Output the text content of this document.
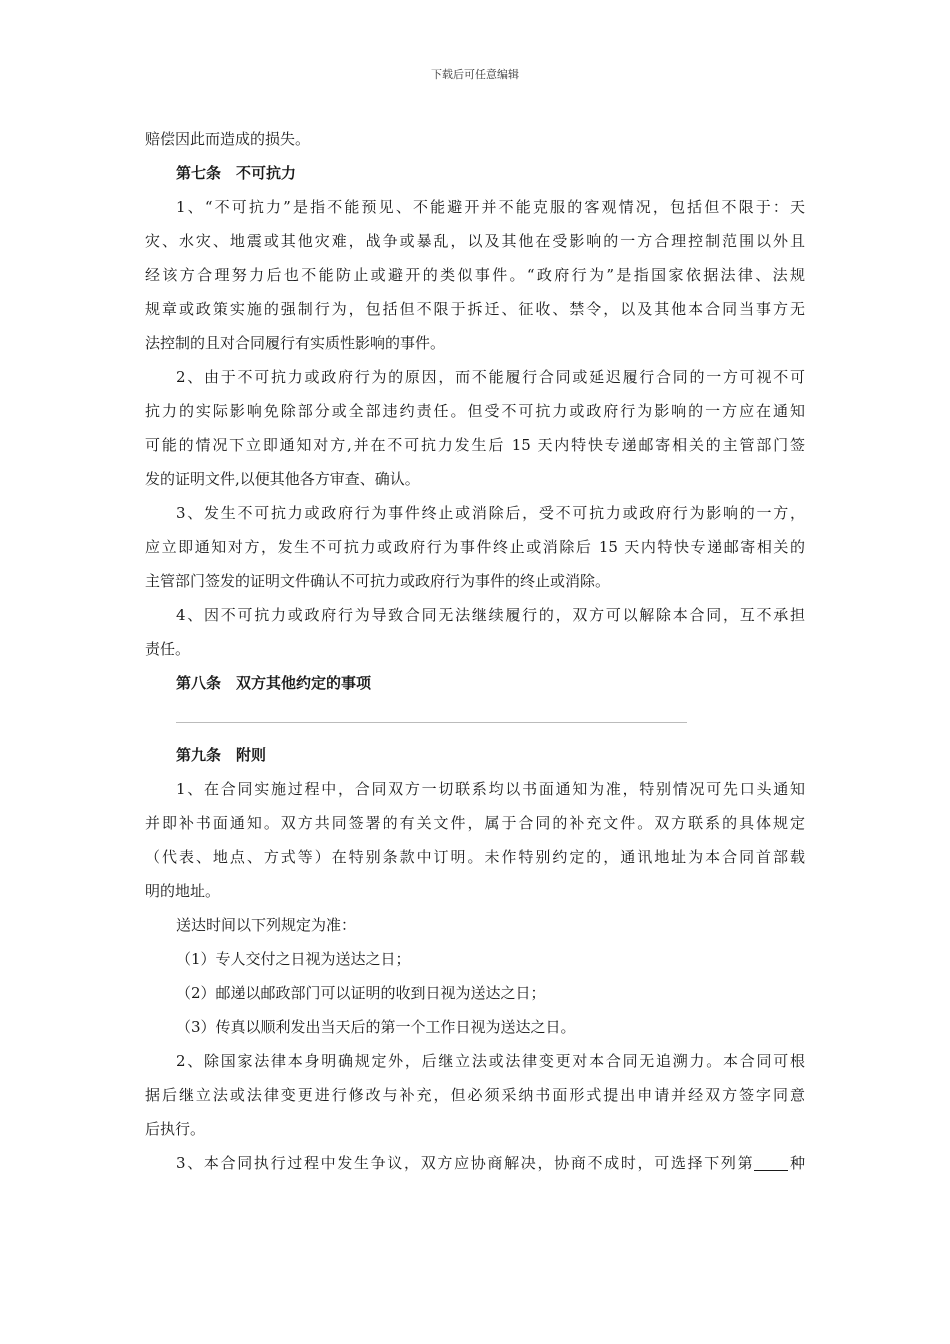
下载后可任意编辑
赔偿因此而造成的损失。
第七条　不可抗力
1、“不可抗力”是指不能预见、不能避开并不能克服的客观情况，包括但不限于：天
灾、水灾、地震或其他灾难，战争或暴乱，以及其他在受影响的一方合理控制范围以外且
经该方合理努力后也不能防止或避开的类似事件。“政府行为”是指国家依据法律、法规
规章或政策实施的强制行为，包括但不限于拆迁、征收、禁令，以及其他本合同当事方无
法控制的且对合同履行有实质性影响的事件。
2、由于不可抗力或政府行为的原因，而不能履行合同或延迟履行合同的一方可视不可
抗力的实际影响免除部分或全部违约责任。但受不可抗力或政府行为影响的一方应在通知
可能的情况下立即通知对方,并在不可抗力发生后 15 天内特快专递邮寄相关的主管部门签
发的证明文件,以便其他各方审查、确认。
3、发生不可抗力或政府行为事件终止或消除后，受不可抗力或政府行为影响的一方，
应立即通知对方，发生不可抗力或政府行为事件终止或消除后 15 天内特快专递邮寄相关的
主管部门签发的证明文件确认不可抗力或政府行为事件的终止或消除。
4、因不可抗力或政府行为导致合同无法继续履行的，双方可以解除本合同，互不承担
责任。
第八条　双方其他约定的事项
第九条　附则
1、在合同实施过程中，合同双方一切联系均以书面通知为准，特别情况可先口头通知
并即补书面通知。双方共同签署的有关文件，属于合同的补充文件。双方联系的具体规定
（代表、地点、方式等）在特别条款中订明。未作特别约定的，通讯地址为本合同首部载
明的地址。
送达时间以下列规定为准：
（1）专人交付之日视为送达之日；
（2）邮递以邮政部门可以证明的收到日视为送达之日；
（3）传真以顺利发出当天后的第一个工作日视为送达之日。
2、除国家法律本身明确规定外，后继立法或法律变更对本合同无追溯力。本合同可根
据后继立法或法律变更进行修改与补充，但必须采纳书面形式提出申请并经双方签字同意
后执行。
3、本合同执行过程中发生争议，双方应协商解决，协商不成时，可选择下列第 种
